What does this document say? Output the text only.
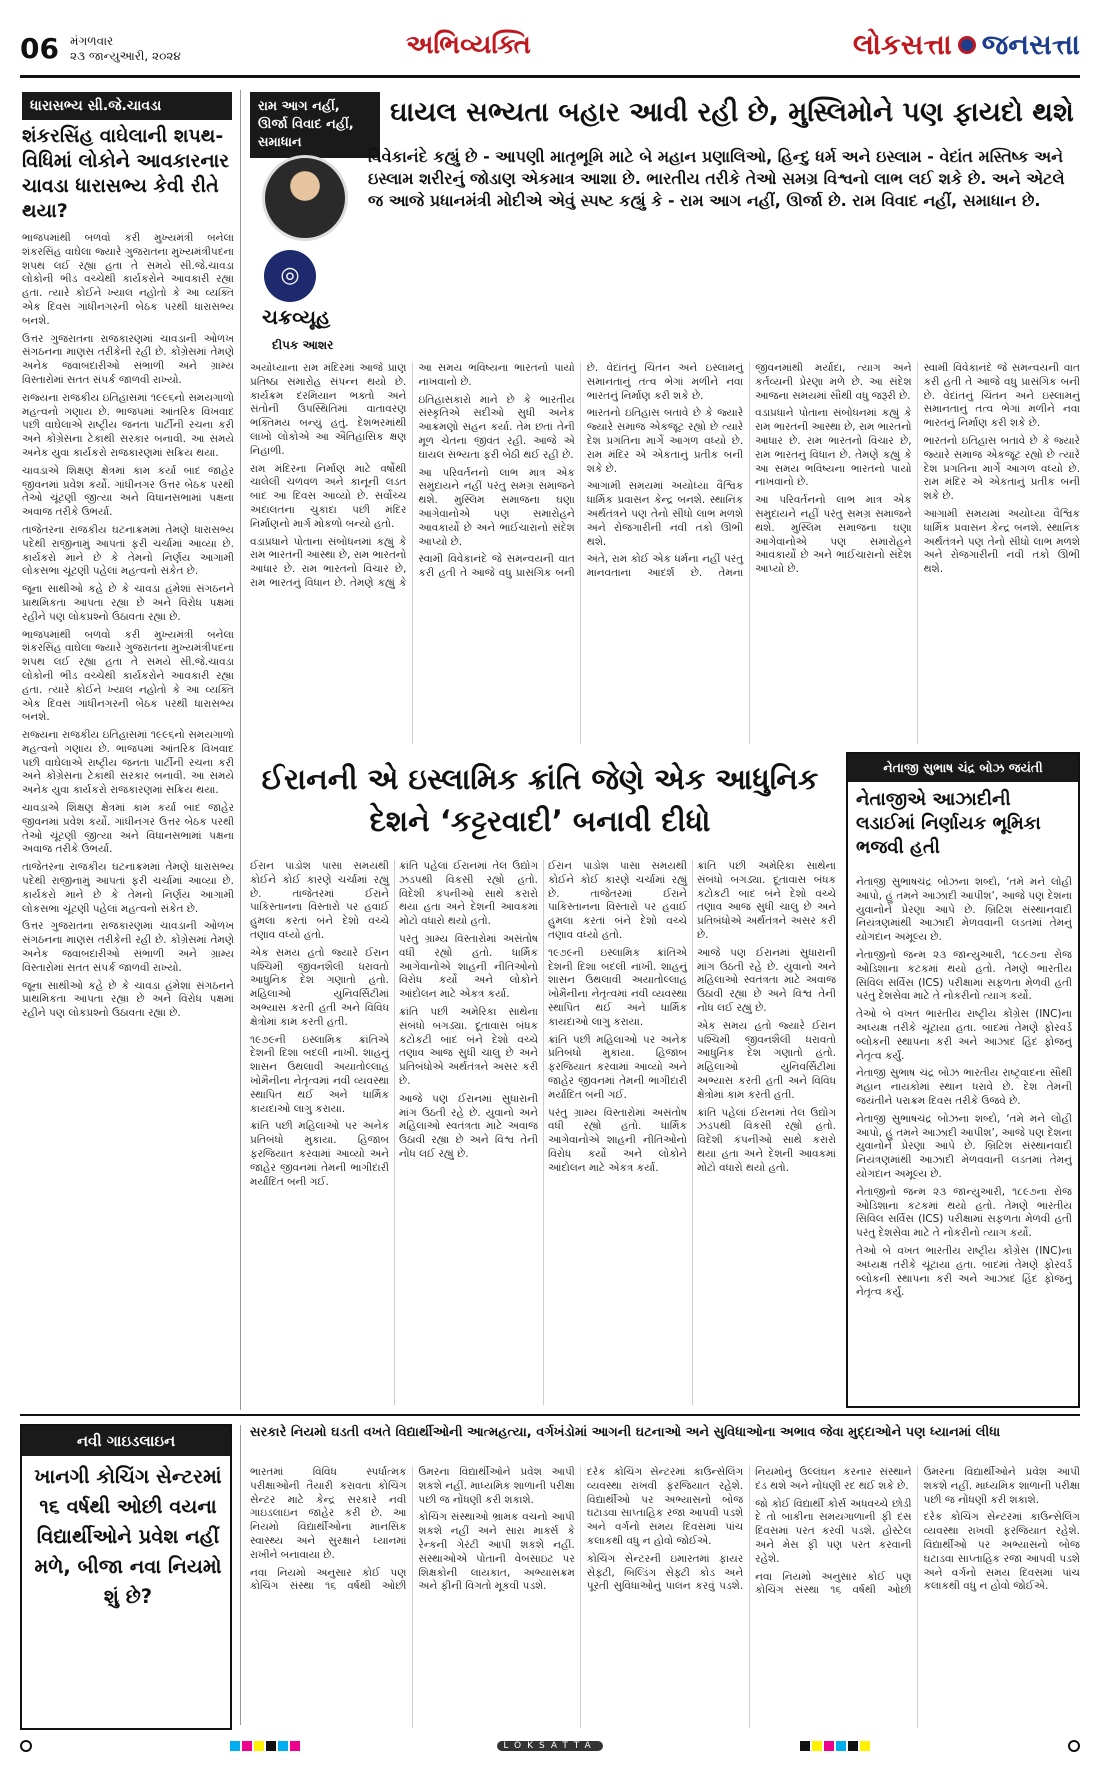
06 મંગળવાર
૨૩ જાન્યુઆરી, ૨૦૨૪	અભિવ્યક્તિ	લોકસત્તા જનસત્તા
ધારાસભ્ય સી.જે.ચાવડા
શંકરસિંહ વાઘેલાની શપથ-વિધિમાં લોકોને આવકારનાર ચાવડા ધારાસભ્ય કેવી રીતે થયા?

ભાજપમાંથી બળવો કરી મુખ્યમંત્રી બનેલા શંકરસિંહ વાઘેલા જ્યારે ગુજરાતના મુખ્યમંત્રીપદના શપથ લઈ રહ્યા હતા તે સમયે સી.જે.ચાવડા લોકોની ભીડ વચ્ચેથી કાર્યકરોને આવકારી રહ્યા હતા. ત્યારે કોઈને ખ્યાલ નહોતો કે આ વ્યક્તિ એક દિવસ ગાંધીનગરની બેઠક પરથી ધારાસભ્ય બનશે.

ઉત્તર ગુજરાતના રાજકારણમાં ચાવડાની ઓળખ સંગઠનના માણસ તરીકેની રહી છે. કોંગ્રેસમાં તેમણે અનેક જવાબદારીઓ સંભાળી અને ગ્રામ્ય વિસ્તારોમાં સતત સંપર્ક જાળવી રાખ્યો.

રાજ્યના રાજકીય ઇતિહાસમાં ૧૯૯૬નો સમયગાળો મહત્વનો ગણાય છે. ભાજપમાં આંતરિક વિખવાદ પછી વાઘેલાએ રાષ્ટ્રીય જનતા પાર્ટીની રચના કરી અને કોંગ્રેસના ટેકાથી સરકાર બનાવી. આ સમયે અનેક યુવા કાર્યકરો રાજકારણમાં સક્રિય થયા.

ચાવડાએ શિક્ષણ ક્ષેત્રમાં કામ કર્યા બાદ જાહેર જીવનમાં પ્રવેશ કર્યો. ગાંધીનગર ઉત્તર બેઠક પરથી તેઓ ચૂંટણી જીત્યા અને વિધાનસભામાં પક્ષના અવાજ તરીકે ઉભર્યા.

તાજેતરના રાજકીય ઘટનાક્રમમાં તેમણે ધારાસભ્ય પદેથી રાજીનામું આપતાં ફરી ચર્ચામાં આવ્યા છે. કાર્યકરો માને છે કે તેમનો નિર્ણય આગામી લોકસભા ચૂંટણી પહેલાં મહત્વનો સંકેત છે.

જૂના સાથીઓ કહે છે કે ચાવડા હંમેશાં સંગઠનને પ્રાથમિકતા આપતા રહ્યા છે અને વિરોધ પક્ષમાં રહીને પણ લોકપ્રશ્નો ઉઠાવતા રહ્યા છે.

ભાજપમાંથી બળવો કરી મુખ્યમંત્રી બનેલા શંકરસિંહ વાઘેલા જ્યારે ગુજરાતના મુખ્યમંત્રીપદના શપથ લઈ રહ્યા હતા તે સમયે સી.જે.ચાવડા લોકોની ભીડ વચ્ચેથી કાર્યકરોને આવકારી રહ્યા હતા. ત્યારે કોઈને ખ્યાલ નહોતો કે આ વ્યક્તિ એક દિવસ ગાંધીનગરની બેઠક પરથી ધારાસભ્ય બનશે.

રાજ્યના રાજકીય ઇતિહાસમાં ૧૯૯૬નો સમયગાળો મહત્વનો ગણાય છે. ભાજપમાં આંતરિક વિખવાદ પછી વાઘેલાએ રાષ્ટ્રીય જનતા પાર્ટીની રચના કરી અને કોંગ્રેસના ટેકાથી સરકાર બનાવી. આ સમયે અનેક યુવા કાર્યકરો રાજકારણમાં સક્રિય થયા.

ચાવડાએ શિક્ષણ ક્ષેત્રમાં કામ કર્યા બાદ જાહેર જીવનમાં પ્રવેશ કર્યો. ગાંધીનગર ઉત્તર બેઠક પરથી તેઓ ચૂંટણી જીત્યા અને વિધાનસભામાં પક્ષના અવાજ તરીકે ઉભર્યા.

તાજેતરના રાજકીય ઘટનાક્રમમાં તેમણે ધારાસભ્ય પદેથી રાજીનામું આપતાં ફરી ચર્ચામાં આવ્યા છે. કાર્યકરો માને છે કે તેમનો નિર્ણય આગામી લોકસભા ચૂંટણી પહેલાં મહત્વનો સંકેત છે.

ઉત્તર ગુજરાતના રાજકારણમાં ચાવડાની ઓળખ સંગઠનના માણસ તરીકેની રહી છે. કોંગ્રેસમાં તેમણે અનેક જવાબદારીઓ સંભાળી અને ગ્રામ્ય વિસ્તારોમાં સતત સંપર્ક જાળવી રાખ્યો.

જૂના સાથીઓ કહે છે કે ચાવડા હંમેશાં સંગઠનને પ્રાથમિકતા આપતા રહ્યા છે અને વિરોધ પક્ષમાં રહીને પણ લોકપ્રશ્નો ઉઠાવતા રહ્યા છે.

રામ આગ નહીં, ઊર્જા વિવાદ નહીં, સમાધાન
ઘાયલ સભ્યતા બહાર આવી રહી છે, મુસ્લિમોને પણ ફાયદો થશે
◎
ચક્રવ્યૂહ
દીપક આશર
વિવેકાનંદે કહ્યું છે - આપણી માતૃભૂમિ માટે બે મહાન પ્રણાલિઓ, હિન્દુ ધર્મ અને ઇસ્લામ - વેદાંત મસ્તિષ્ક અને ઇસ્લામ શરીરનું જોડાણ એકમાત્ર આશા છે. ભારતીય તરીકે તેઓ સમગ્ર વિશ્વનો લાભ લઈ શકે છે. અને એટલે જ આજે પ્રધાનમંત્રી મોદીએ એવું સ્પષ્ટ કહ્યું કે - રામ આગ નહીં, ઊર્જા છે. રામ વિવાદ નહીં, સમાધાન છે.

અયોધ્યાના રામ મંદિરમાં આજે પ્રાણ પ્રતિષ્ઠા સમારોહ સંપન્ન થયો છે. કાર્યક્રમ દરમિયાન ભક્તો અને સંતોની ઉપસ્થિતિમાં વાતાવરણ ભક્તિમય બન્યું હતું. દેશભરમાંથી લાખો લોકોએ આ ઐતિહાસિક ક્ષણ નિહાળી.

રામ મંદિરના નિર્માણ માટે વર્ષોથી ચાલેલી ચળવળ અને કાનૂની લડત બાદ આ દિવસ આવ્યો છે. સર્વોચ્ચ અદાલતના ચુકાદા પછી મંદિર નિર્માણનો માર્ગ મોકળો બન્યો હતો.

વડાપ્રધાને પોતાના સંબોધનમાં કહ્યું કે રામ ભારતની આસ્થા છે, રામ ભારતનો આધાર છે. રામ ભારતનો વિચાર છે, રામ ભારતનું વિધાન છે. તેમણે કહ્યું કે આ સમય ભવિષ્યના ભારતનો પાયો નાખવાનો છે.

ઇતિહાસકારો માને છે કે ભારતીય સંસ્કૃતિએ સદીઓ સુધી અનેક આક્રમણો સહન કર્યા. તેમ છતાં તેની મૂળ ચેતના જીવંત રહી. આજે એ ઘાયલ સભ્યતા ફરી બેઠી થઈ રહી છે.

આ પરિવર્તનનો લાભ માત્ર એક સમુદાયને નહીં પરંતુ સમગ્ર સમાજને થશે. મુસ્લિમ સમાજના ઘણા આગેવાનોએ પણ સમારોહને આવકાર્યો છે અને ભાઈચારાનો સંદેશ આપ્યો છે.

સ્વામી વિવેકાનંદે જે સમન્વયની વાત કરી હતી તે આજે વધુ પ્રાસંગિક બની છે. વેદાંતનું ચિંતન અને ઇસ્લામનું સમાનતાનું તત્વ ભેગાં મળીને નવા ભારતનું નિર્માણ કરી શકે છે.

ભારતનો ઇતિહાસ બતાવે છે કે જ્યારે જ્યારે સમાજ એકજૂટ રહ્યો છે ત્યારે દેશ પ્રગતિના માર્ગે આગળ વધ્યો છે. રામ મંદિર એ એકતાનું પ્રતીક બની શકે છે.

આગામી સમયમાં અયોધ્યા વૈશ્વિક ધાર્મિક પ્રવાસન કેન્દ્ર બનશે. સ્થાનિક અર્થતંત્રને પણ તેનો સીધો લાભ મળશે અને રોજગારીની નવી તકો ઊભી થશે.

અંતે, રામ કોઈ એક ધર્મના નહીં પરંતુ માનવતાના આદર્શ છે. તેમના જીવનમાંથી મર્યાદા, ત્યાગ અને કર્તવ્યની પ્રેરણા મળે છે. આ સંદેશ આજના સમયમાં સૌથી વધુ જરૂરી છે.

વડાપ્રધાને પોતાના સંબોધનમાં કહ્યું કે રામ ભારતની આસ્થા છે, રામ ભારતનો આધાર છે. રામ ભારતનો વિચાર છે, રામ ભારતનું વિધાન છે. તેમણે કહ્યું કે આ સમય ભવિષ્યના ભારતનો પાયો નાખવાનો છે.

આ પરિવર્તનનો લાભ માત્ર એક સમુદાયને નહીં પરંતુ સમગ્ર સમાજને થશે. મુસ્લિમ સમાજના ઘણા આગેવાનોએ પણ સમારોહને આવકાર્યો છે અને ભાઈચારાનો સંદેશ આપ્યો છે.

સ્વામી વિવેકાનંદે જે સમન્વયની વાત કરી હતી તે આજે વધુ પ્રાસંગિક બની છે. વેદાંતનું ચિંતન અને ઇસ્લામનું સમાનતાનું તત્વ ભેગાં મળીને નવા ભારતનું નિર્માણ કરી શકે છે.

ભારતનો ઇતિહાસ બતાવે છે કે જ્યારે જ્યારે સમાજ એકજૂટ રહ્યો છે ત્યારે દેશ પ્રગતિના માર્ગે આગળ વધ્યો છે. રામ મંદિર એ એકતાનું પ્રતીક બની શકે છે.

આગામી સમયમાં અયોધ્યા વૈશ્વિક ધાર્મિક પ્રવાસન કેન્દ્ર બનશે. સ્થાનિક અર્થતંત્રને પણ તેનો સીધો લાભ મળશે અને રોજગારીની નવી તકો ઊભી થશે.

ઈરાનની એ ઇસ્લામિક ક્રાંતિ જેણે એક આધુનિક દેશને ‘કટ્ટરવાદી’ બનાવી દીધો

ઈરાન પાડોશ પાસા સમયથી કોઈને કોઈ કારણે ચર્ચામાં રહ્યું છે. તાજેતરમાં ઈરાને પાકિસ્તાનના વિસ્તારો પર હવાઈ હુમલા કરતાં બંને દેશો વચ્ચે તણાવ વધ્યો હતો.

એક સમય હતો જ્યારે ઈરાન પશ્ચિમી જીવનશૈલી ધરાવતો આધુનિક દેશ ગણાતો હતો. મહિલાઓ યુનિવર્સિટીમાં અભ્યાસ કરતી હતી અને વિવિધ ક્ષેત્રોમાં કામ કરતી હતી.

૧૯૭૯ની ઇસ્લામિક ક્રાંતિએ દેશની દિશા બદલી નાખી. શાહનું શાસન ઉથલાવી અયાતોલ્લાહ ખોમૈનીના નેતૃત્વમાં નવી વ્યવસ્થા સ્થાપિત થઈ અને ધાર્મિક કાયદાઓ લાગુ કરાયા.

ક્રાંતિ પછી મહિલાઓ પર અનેક પ્રતિબંધો મુકાયા. હિજાબ ફરજિયાત કરવામાં આવ્યો અને જાહેર જીવનમાં તેમની ભાગીદારી મર્યાદિત બની ગઈ.

ક્રાંતિ પહેલાં ઈરાનમાં તેલ ઉદ્યોગ ઝડપથી વિકસી રહ્યો હતો. વિદેશી કંપનીઓ સાથે કરારો થયા હતા અને દેશની આવકમાં મોટો વધારો થયો હતો.

પરંતુ ગ્રામ્ય વિસ્તારોમાં અસંતોષ વધી રહ્યો હતો. ધાર્મિક આગેવાનોએ શાહની નીતિઓનો વિરોધ કર્યો અને લોકોને આંદોલન માટે એકત્ર કર્યા.

ક્રાંતિ પછી અમેરિકા સાથેના સંબંધો બગડ્યા. દૂતાવાસ બંધક કટોકટી બાદ બંને દેશો વચ્ચે તણાવ આજ સુધી ચાલુ છે અને પ્રતિબંધોએ અર્થતંત્રને અસર કરી છે.

આજે પણ ઈરાનમાં સુધારાની માંગ ઉઠતી રહે છે. યુવાનો અને મહિલાઓ સ્વતંત્રતા માટે અવાજ ઉઠાવી રહ્યા છે અને વિશ્વ તેની નોંધ લઈ રહ્યું છે.

ઈરાન પાડોશ પાસા સમયથી કોઈને કોઈ કારણે ચર્ચામાં રહ્યું છે. તાજેતરમાં ઈરાને પાકિસ્તાનના વિસ્તારો પર હવાઈ હુમલા કરતાં બંને દેશો વચ્ચે તણાવ વધ્યો હતો.

૧૯૭૯ની ઇસ્લામિક ક્રાંતિએ દેશની દિશા બદલી નાખી. શાહનું શાસન ઉથલાવી અયાતોલ્લાહ ખોમૈનીના નેતૃત્વમાં નવી વ્યવસ્થા સ્થાપિત થઈ અને ધાર્મિક કાયદાઓ લાગુ કરાયા.

ક્રાંતિ પછી મહિલાઓ પર અનેક પ્રતિબંધો મુકાયા. હિજાબ ફરજિયાત કરવામાં આવ્યો અને જાહેર જીવનમાં તેમની ભાગીદારી મર્યાદિત બની ગઈ.

પરંતુ ગ્રામ્ય વિસ્તારોમાં અસંતોષ વધી રહ્યો હતો. ધાર્મિક આગેવાનોએ શાહની નીતિઓનો વિરોધ કર્યો અને લોકોને આંદોલન માટે એકત્ર કર્યા.

ક્રાંતિ પછી અમેરિકા સાથેના સંબંધો બગડ્યા. દૂતાવાસ બંધક કટોકટી બાદ બંને દેશો વચ્ચે તણાવ આજ સુધી ચાલુ છે અને પ્રતિબંધોએ અર્થતંત્રને અસર કરી છે.

આજે પણ ઈરાનમાં સુધારાની માંગ ઉઠતી રહે છે. યુવાનો અને મહિલાઓ સ્વતંત્રતા માટે અવાજ ઉઠાવી રહ્યા છે અને વિશ્વ તેની નોંધ લઈ રહ્યું છે.

એક સમય હતો જ્યારે ઈરાન પશ્ચિમી જીવનશૈલી ધરાવતો આધુનિક દેશ ગણાતો હતો. મહિલાઓ યુનિવર્સિટીમાં અભ્યાસ કરતી હતી અને વિવિધ ક્ષેત્રોમાં કામ કરતી હતી.

ક્રાંતિ પહેલાં ઈરાનમાં તેલ ઉદ્યોગ ઝડપથી વિકસી રહ્યો હતો. વિદેશી કંપનીઓ સાથે કરારો થયા હતા અને દેશની આવકમાં મોટો વધારો થયો હતો.

નેતાજી સુભાષ ચંદ્ર બોઝ જયંતી
નેતાજીએ આઝાદીની લડાઈમાં નિર્ણાયક ભૂમિકા ભજવી હતી

નેતાજી સુભાષચંદ્ર બોઝના શબ્દો, ‘તમે મને લોહી આપો, હું તમને આઝાદી આપીશ’, આજે પણ દેશના યુવાનોને પ્રેરણા આપે છે. બ્રિટિશ સંસ્થાનવાદી નિયંત્રણમાંથી આઝાદી મેળવવાની લડતમાં તેમનું યોગદાન અમૂલ્ય છે.

નેતાજીનો જન્મ ૨૩ જાન્યુઆરી, ૧૮૯૭ના રોજ ઓડિશાના કટકમાં થયો હતો. તેમણે ભારતીય સિવિલ સર્વિસ (ICS) પરીક્ષામાં સફળતા મેળવી હતી પરંતુ દેશસેવા માટે તે નોકરીનો ત્યાગ કર્યો.

તેઓ બે વખત ભારતીય રાષ્ટ્રીય કોંગ્રેસ (INC)ના અધ્યક્ષ તરીકે ચૂંટાયા હતા. બાદમાં તેમણે ફોરવર્ડ બ્લોકની સ્થાપના કરી અને આઝાદ હિંદ ફોજનું નેતૃત્વ કર્યું.

નેતાજી સુભાષ ચંદ્ર બોઝ ભારતીય રાષ્ટ્રવાદના સૌથી મહાન નાયકોમાં સ્થાન ધરાવે છે. દેશ તેમની જયંતીને પરાક્રમ દિવસ તરીકે ઉજવે છે.

નેતાજી સુભાષચંદ્ર બોઝના શબ્દો, ‘તમે મને લોહી આપો, હું તમને આઝાદી આપીશ’, આજે પણ દેશના યુવાનોને પ્રેરણા આપે છે. બ્રિટિશ સંસ્થાનવાદી નિયંત્રણમાંથી આઝાદી મેળવવાની લડતમાં તેમનું યોગદાન અમૂલ્ય છે.

નેતાજીનો જન્મ ૨૩ જાન્યુઆરી, ૧૮૯૭ના રોજ ઓડિશાના કટકમાં થયો હતો. તેમણે ભારતીય સિવિલ સર્વિસ (ICS) પરીક્ષામાં સફળતા મેળવી હતી પરંતુ દેશસેવા માટે તે નોકરીનો ત્યાગ કર્યો.

તેઓ બે વખત ભારતીય રાષ્ટ્રીય કોંગ્રેસ (INC)ના અધ્યક્ષ તરીકે ચૂંટાયા હતા. બાદમાં તેમણે ફોરવર્ડ બ્લોકની સ્થાપના કરી અને આઝાદ હિંદ ફોજનું નેતૃત્વ કર્યું.

નવી ગાઇડલાઇન
ખાનગી કોચિંગ સેન્ટરમાં ૧૬ વર્ષથી ઓછી વયના વિદ્યાર્થીઓને પ્રવેશ નહીં મળે, બીજા નવા નિયમો શું છે?
સરકારે નિયમો ઘડતી વખતે વિદ્યાર્થીઓની આત્મહત્યા, વર્ગખંડોમાં આગની ઘટનાઓ અને સુવિધાઓના અભાવ જેવા મુદ્દાઓને પણ ધ્યાનમાં લીધા

ભારતમાં વિવિધ સ્પર્ધાત્મક પરીક્ષાઓની તૈયારી કરાવતા કોચિંગ સેન્ટર માટે કેન્દ્ર સરકારે નવી ગાઇડલાઇન જાહેર કરી છે. આ નિયમો વિદ્યાર્થીઓના માનસિક સ્વાસ્થ્ય અને સુરક્ષાને ધ્યાનમાં રાખીને બનાવાયા છે.

નવા નિયમો અનુસાર કોઈ પણ કોચિંગ સંસ્થા ૧૬ વર્ષથી ઓછી ઉંમરના વિદ્યાર્થીઓને પ્રવેશ આપી શકશે નહીં. માધ્યમિક શાળાની પરીક્ષા પછી જ નોંધણી કરી શકાશે.

કોચિંગ સંસ્થાઓ ભ્રામક વચનો આપી શકશે નહીં અને સારા માર્ક્સ કે રેન્કની ગેરંટી આપી શકશે નહીં. સંસ્થાઓએ પોતાની વેબસાઇટ પર શિક્ષકોની લાયકાત, અભ્યાસક્રમ અને ફીની વિગતો મૂકવી પડશે.

દરેક કોચિંગ સેન્ટરમાં કાઉન્સેલિંગ વ્યવસ્થા રાખવી ફરજિયાત રહેશે. વિદ્યાર્થીઓ પર અભ્યાસનો બોજ ઘટાડવા સાપ્તાહિક રજા આપવી પડશે અને વર્ગનો સમય દિવસમાં પાંચ કલાકથી વધુ ન હોવો જોઈએ.

કોચિંગ સેન્ટરની ઇમારતમાં ફાયર સેફ્ટી, બિલ્ડિંગ સેફ્ટી કોડ અને પૂરતી સુવિધાઓનું પાલન કરવું પડશે. નિયમોનું ઉલ્લંઘન કરનાર સંસ્થાને દંડ થશે અને નોંધણી રદ થઈ શકે છે.

જો કોઈ વિદ્યાર્થી કોર્સ અધવચ્ચે છોડી દે તો બાકીના સમયગાળાની ફી દસ દિવસમાં પરત કરવી પડશે. હોસ્ટેલ અને મેસ ફી પણ પરત કરવાની રહેશે.

નવા નિયમો અનુસાર કોઈ પણ કોચિંગ સંસ્થા ૧૬ વર્ષથી ઓછી ઉંમરના વિદ્યાર્થીઓને પ્રવેશ આપી શકશે નહીં. માધ્યમિક શાળાની પરીક્ષા પછી જ નોંધણી કરી શકાશે.

દરેક કોચિંગ સેન્ટરમાં કાઉન્સેલિંગ વ્યવસ્થા રાખવી ફરજિયાત રહેશે. વિદ્યાર્થીઓ પર અભ્યાસનો બોજ ઘટાડવા સાપ્તાહિક રજા આપવી પડશે અને વર્ગનો સમય દિવસમાં પાંચ કલાકથી વધુ ન હોવો જોઈએ.

LOKSATTA
